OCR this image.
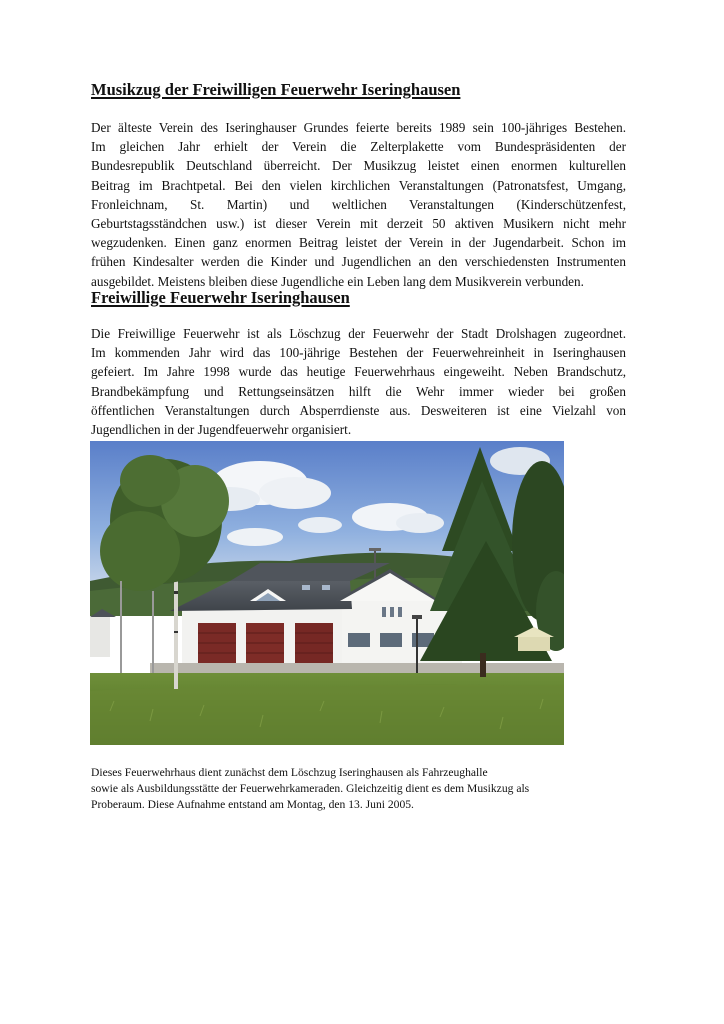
Musikzug der Freiwilligen Feuerwehr Iseringhausen
Der älteste Verein des Iseringhauser Grundes feierte bereits 1989 sein 100-jähriges Bestehen.
Im gleichen Jahr erhielt der Verein die Zelterplakette vom Bundespräsidenten der
Bundesrepublik Deutschland überreicht. Der Musikzug leistet einen enormen kulturellen
Beitrag im Brachtpetal. Bei den vielen kirchlichen Veranstaltungen (Patronatsfest, Umgang,
Fronleichnam, St. Martin) und weltlichen Veranstaltungen (Kinderschützenfest,
Geburtstagsständchen usw.) ist dieser Verein mit derzeit 50 aktiven Musikern nicht mehr
wegzudenken. Einen ganz enormen Beitrag leistet der Verein in der Jugendarbeit. Schon im
frühen Kindesalter werden die Kinder und Jugendlichen an den verschiedensten Instrumenten
ausgebildet. Meistens bleiben diese Jugendliche ein Leben lang dem Musikverein verbunden.
Freiwillige Feuerwehr Iseringhausen
Die Freiwillige Feuerwehr ist als Löschzug der Feuerwehr der Stadt Drolshagen zugeordnet.
Im kommenden Jahr wird das 100-jährige Bestehen der Feuerwehreinheit in Iseringhausen
gefeiert. Im Jahre 1998 wurde das heutige Feuerwehrhaus eingeweiht. Neben Brandschutz,
Brandbekämpfung und Rettungseinsätzen hilft die Wehr immer wieder bei großen
öffentlichen Veranstaltungen durch Absperrdienste aus. Desweiteren ist eine Vielzahl von
Jugendlichen in der Jugendfeuerwehr organisiert.
Dieses Feuerwehrhaus dient zunächst dem Löschzug Iseringhausen als Fahrzeughalle
sowie als Ausbildungsstätte der Feuerwehrkameraden. Gleichzeitig dient es dem Musikzug als
Proberaum. Diese Aufnahme entstand am Montag, den 13. Juni 2005.
